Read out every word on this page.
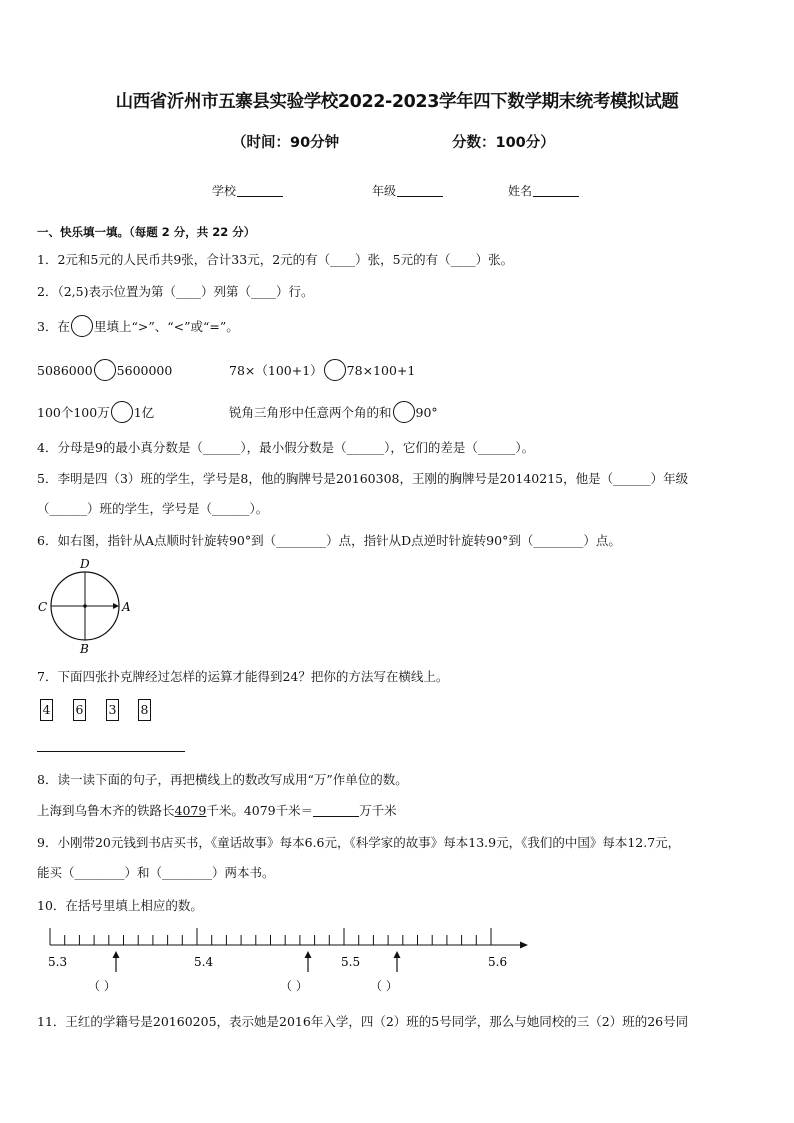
山西省沂州市五寨县实验学校2022-2023学年四下数学期末统考模拟试题
（时间：90分钟	分数：100分）
学校	年级	姓名
一、快乐填一填。（每题 2 分，共 22 分）
1．2元和5元的人民币共9张，合计33元，2元的有（____）张，5元的有（____）张。
2．（2,5)表示位置为第（____）列第（____）行。
3．在 里填上“>”、“<”或“=”。
5086000 5600000	78×（100+1） 78×100+1
100个100万 1亿	锐角三角形中任意两个角的和 90°
4．分母是9的最小真分数是（______），最小假分数是（______），它们的差是（______）。
5．李明是四（3）班的学生，学号是8，他的胸牌号是20160308，王刚的胸牌号是20140215，他是（______）年级
（______）班的学生，学号是（______）。
6．如右图，指针从A点顺时针旋转90°到（________）点，指针从D点逆时针旋转90°到（________）点。
D
C	A
B
7．下面四张扑克牌经过怎样的运算才能得到24？把你的方法写在横线上。
4 6 3 8
8．读一读下面的句子，再把横线上的数改写成用“万”作单位的数。
上海到乌鲁木齐的铁路长4079千米。4079千米＝	万千米
9．小刚带20元钱到书店买书，《童话故事》每本6.6元，《科学家的故事》每本13.9元，《我们的中国》每本12.7元，
能买（________）和（________）两本书。
10．在括号里填上相应的数。
5.3	5.4	5.5	5.6
（ ）	（ ）	（ ）
11．王红的学籍号是20160205，表示她是2016年入学，四（2）班的5号同学，那么与她同校的三（2）班的26号同
